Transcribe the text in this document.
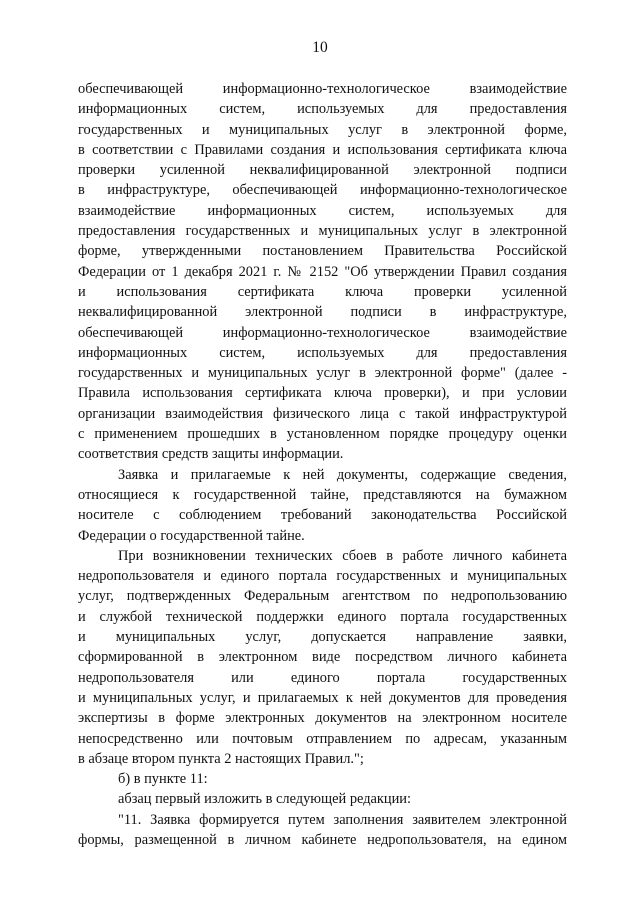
10
обеспечивающей информационно-технологическое взаимодействие
информационных систем, используемых для предоставления
государственных и муниципальных услуг в электронной форме,
в соответствии с Правилами создания и использования сертификата ключа
проверки усиленной неквалифицированной электронной подписи
в инфраструктуре, обеспечивающей информационно-технологическое
взаимодействие информационных систем, используемых для
предоставления государственных и муниципальных услуг в электронной
форме, утвержденными постановлением Правительства Российской
Федерации от 1 декабря 2021 г. № 2152 "Об утверждении Правил создания
и использования сертификата ключа проверки усиленной
неквалифицированной электронной подписи в инфраструктуре,
обеспечивающей информационно-технологическое взаимодействие
информационных систем, используемых для предоставления
государственных и муниципальных услуг в электронной форме" (далее -
Правила использования сертификата ключа проверки), и при условии
организации взаимодействия физического лица с такой инфраструктурой
с применением прошедших в установленном порядке процедуру оценки
соответствия средств защиты информации.
Заявка и прилагаемые к ней документы, содержащие сведения,
относящиеся к государственной тайне, представляются на бумажном
носителе с соблюдением требований законодательства Российской
Федерации о государственной тайне.
При возникновении технических сбоев в работе личного кабинета
недропользователя и единого портала государственных и муниципальных
услуг, подтвержденных Федеральным агентством по недропользованию
и службой технической поддержки единого портала государственных
и муниципальных услуг, допускается направление заявки,
сформированной в электронном виде посредством личного кабинета
недропользователя или единого портала государственных
и муниципальных услуг, и прилагаемых к ней документов для проведения
экспертизы в форме электронных документов на электронном носителе
непосредственно или почтовым отправлением по адресам, указанным
в абзаце втором пункта 2 настоящих Правил.";
б) в пункте 11:
абзац первый изложить в следующей редакции:
"11. Заявка формируется путем заполнения заявителем электронной
формы, размещенной в личном кабинете недропользователя, на едином
